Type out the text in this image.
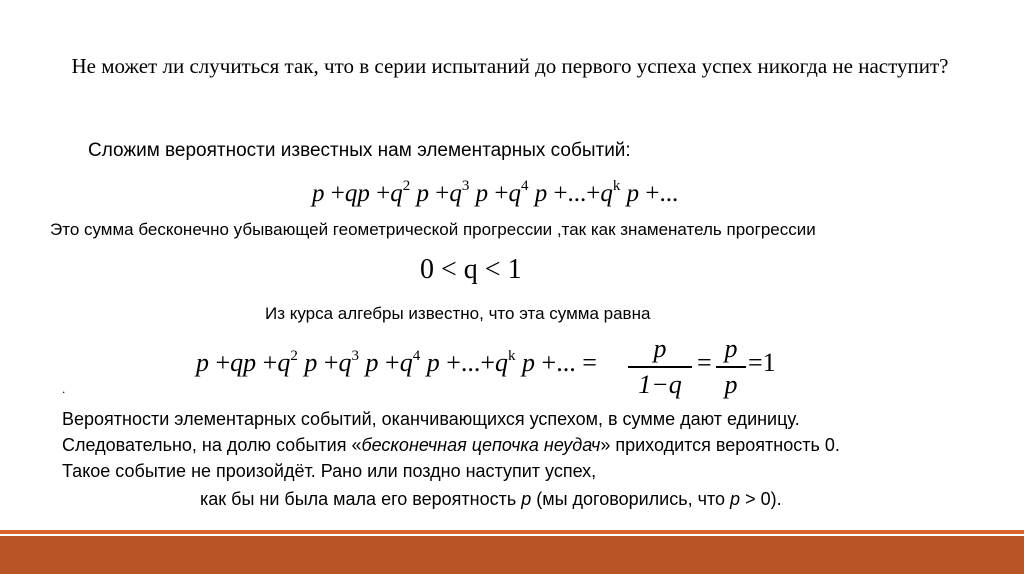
Не может ли случиться так, что в серии испытаний до первого успеха успех никогда не наступит?
Сложим вероятности известных нам элементарных событий:
$p +qp +q^2$ $p +q^3$ $p +q^4$ $p +...+q^k$ p +...
Это сумма бесконечно убывающей геометрической прогрессии ,так как знаменатель прогрессии
0 < q < 1
Из курса алгебры известно, что эта сумма равна
$p +qp +q^2$ $p +q^3$ $p +q^4$ $p +...+q^k$ p +... =	p
1−q
= p
p
=1
.
Вероятности элементарных событий, оканчивающихся успехом, в сумме дают единицу.
Следовательно, на долю события «бесконечная цепочка неудач» приходится вероятность 0.
Такое событие не произойдёт. Рано или поздно наступит успех,
как бы ни была мала его вероятность р (мы договорились, что р > 0).
